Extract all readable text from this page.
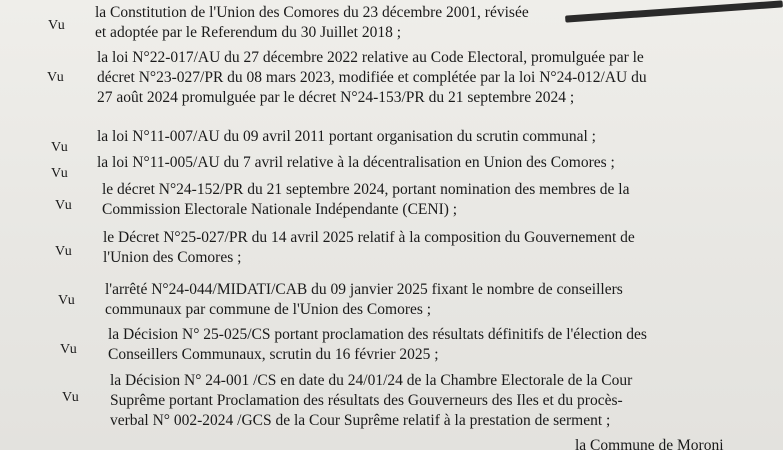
Vu
la Constitution de l'Union des Comores du 23 décembre 2001, révisée
et adoptée par le Referendum du 30 Juillet 2018 ;
Vu
la loi N°22-017/AU du 27 décembre 2022 relative au Code Electoral, promulguée par le
décret N°23-027/PR du 08 mars 2023, modifiée et complétée par la loi N°24-012/AU du
27 août 2024 promulguée par le décret N°24-153/PR du 21 septembre 2024 ;
Vu
la loi N°11-007/AU du 09 avril 2011 portant organisation du scrutin communal ;
Vu
la loi N°11-005/AU du 7 avril relative à la décentralisation en Union des Comores ;
Vu
le décret N°24-152/PR du 21 septembre 2024, portant nomination des membres de la
Commission Electorale Nationale Indépendante (CENI) ;
Vu
le Décret N°25-027/PR du 14 avril 2025 relatif à la composition du Gouvernement de
l'Union des Comores ;
Vu
l'arrêté N°24-044/MIDATI/CAB du 09 janvier 2025 fixant le nombre de conseillers
communaux par commune de l'Union des Comores ;
Vu
la Décision N° 25-025/CS portant proclamation des résultats définitifs de l'élection des
Conseillers Communaux, scrutin du 16 février 2025 ;
Vu
la Décision N° 24-001 /CS en date du 24/01/24 de la Chambre Electorale de la Cour
Suprême portant Proclamation des résultats des Gouverneurs des Iles et du procès-
verbal N° 002-2024 /GCS de la Cour Suprême relatif à la prestation de serment ;
la Commune de Moroni
